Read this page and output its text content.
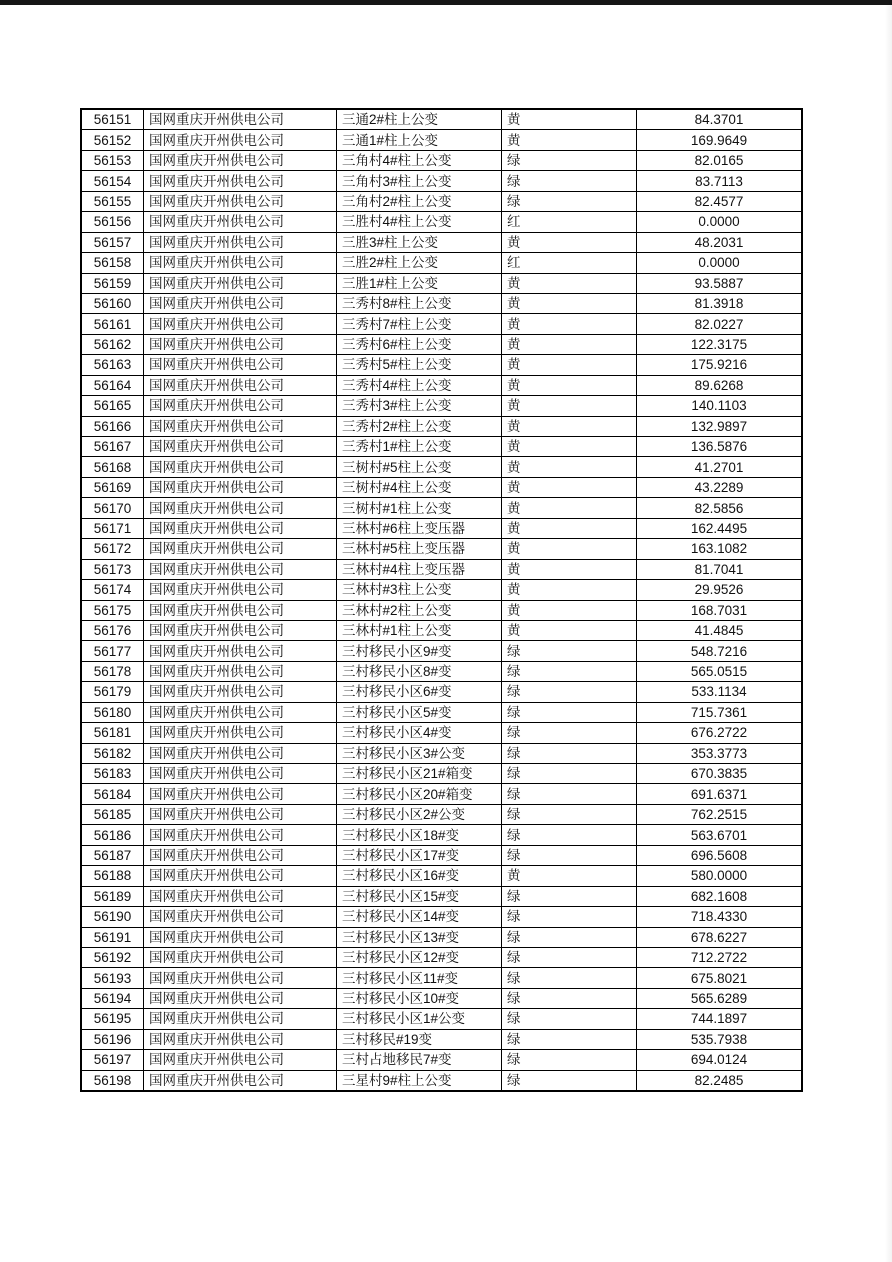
56151	国网重庆开州供电公司	三通2#柱上公变	黄	84.3701
56152	国网重庆开州供电公司	三通1#柱上公变	黄	169.9649
56153	国网重庆开州供电公司	三角村4#柱上公变	绿	82.0165
56154	国网重庆开州供电公司	三角村3#柱上公变	绿	83.7113
56155	国网重庆开州供电公司	三角村2#柱上公变	绿	82.4577
56156	国网重庆开州供电公司	三胜村4#柱上公变	红	0.0000
56157	国网重庆开州供电公司	三胜3#柱上公变	黄	48.2031
56158	国网重庆开州供电公司	三胜2#柱上公变	红	0.0000
56159	国网重庆开州供电公司	三胜1#柱上公变	黄	93.5887
56160	国网重庆开州供电公司	三秀村8#柱上公变	黄	81.3918
56161	国网重庆开州供电公司	三秀村7#柱上公变	黄	82.0227
56162	国网重庆开州供电公司	三秀村6#柱上公变	黄	122.3175
56163	国网重庆开州供电公司	三秀村5#柱上公变	黄	175.9216
56164	国网重庆开州供电公司	三秀村4#柱上公变	黄	89.6268
56165	国网重庆开州供电公司	三秀村3#柱上公变	黄	140.1103
56166	国网重庆开州供电公司	三秀村2#柱上公变	黄	132.9897
56167	国网重庆开州供电公司	三秀村1#柱上公变	黄	136.5876
56168	国网重庆开州供电公司	三树村#5柱上公变	黄	41.2701
56169	国网重庆开州供电公司	三树村#4柱上公变	黄	43.2289
56170	国网重庆开州供电公司	三树村#1柱上公变	黄	82.5856
56171	国网重庆开州供电公司	三林村#6柱上变压器	黄	162.4495
56172	国网重庆开州供电公司	三林村#5柱上变压器	黄	163.1082
56173	国网重庆开州供电公司	三林村#4柱上变压器	黄	81.7041
56174	国网重庆开州供电公司	三林村#3柱上公变	黄	29.9526
56175	国网重庆开州供电公司	三林村#2柱上公变	黄	168.7031
56176	国网重庆开州供电公司	三林村#1柱上公变	黄	41.4845
56177	国网重庆开州供电公司	三村移民小区9#变	绿	548.7216
56178	国网重庆开州供电公司	三村移民小区8#变	绿	565.0515
56179	国网重庆开州供电公司	三村移民小区6#变	绿	533.1134
56180	国网重庆开州供电公司	三村移民小区5#变	绿	715.7361
56181	国网重庆开州供电公司	三村移民小区4#变	绿	676.2722
56182	国网重庆开州供电公司	三村移民小区3#公变	绿	353.3773
56183	国网重庆开州供电公司	三村移民小区21#箱变	绿	670.3835
56184	国网重庆开州供电公司	三村移民小区20#箱变	绿	691.6371
56185	国网重庆开州供电公司	三村移民小区2#公变	绿	762.2515
56186	国网重庆开州供电公司	三村移民小区18#变	绿	563.6701
56187	国网重庆开州供电公司	三村移民小区17#变	绿	696.5608
56188	国网重庆开州供电公司	三村移民小区16#变	黄	580.0000
56189	国网重庆开州供电公司	三村移民小区15#变	绿	682.1608
56190	国网重庆开州供电公司	三村移民小区14#变	绿	718.4330
56191	国网重庆开州供电公司	三村移民小区13#变	绿	678.6227
56192	国网重庆开州供电公司	三村移民小区12#变	绿	712.2722
56193	国网重庆开州供电公司	三村移民小区11#变	绿	675.8021
56194	国网重庆开州供电公司	三村移民小区10#变	绿	565.6289
56195	国网重庆开州供电公司	三村移民小区1#公变	绿	744.1897
56196	国网重庆开州供电公司	三村移民#19变	绿	535.7938
56197	国网重庆开州供电公司	三村占地移民7#变	绿	694.0124
56198	国网重庆开州供电公司	三星村9#柱上公变	绿	82.2485
